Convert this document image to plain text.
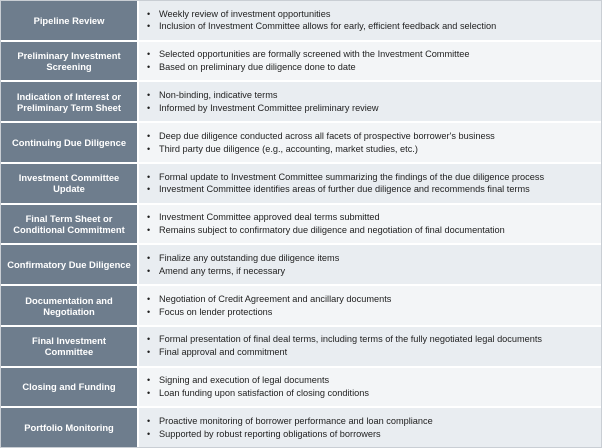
Pipeline Review
• Weekly review of investment opportunities
• Inclusion of Investment Committee allows for early, efficient feedback and selection
Preliminary Investment
Screening
• Selected opportunities are formally screened with the Investment Committee
• Based on preliminary due diligence done to date
Indication of Interest or
Preliminary Term Sheet
• Non-binding, indicative terms
• Informed by Investment Committee preliminary review
Continuing Due Diligence
• Deep due diligence conducted across all facets of prospective borrower's business
• Third party due diligence (e.g., accounting, market studies, etc.)
Investment Committee
Update
• Formal update to Investment Committee summarizing the findings of the due diligence process
• Investment Committee identifies areas of further due diligence and recommends final terms
Final Term Sheet or
Conditional Commitment
• Investment Committee approved deal terms submitted
• Remains subject to confirmatory due diligence and negotiation of final documentation
Confirmatory Due Diligence
• Finalize any outstanding due diligence items
• Amend any terms, if necessary
Documentation and
Negotiation
• Negotiation of Credit Agreement and ancillary documents
• Focus on lender protections
Final Investment Committee
• Formal presentation of final deal terms, including terms of the fully negotiated legal documents
• Final approval and commitment
Closing and Funding
• Signing and execution of legal documents
• Loan funding upon satisfaction of closing conditions
Portfolio Monitoring
• Proactive monitoring of borrower performance and loan compliance
• Supported by robust reporting obligations of borrowers
